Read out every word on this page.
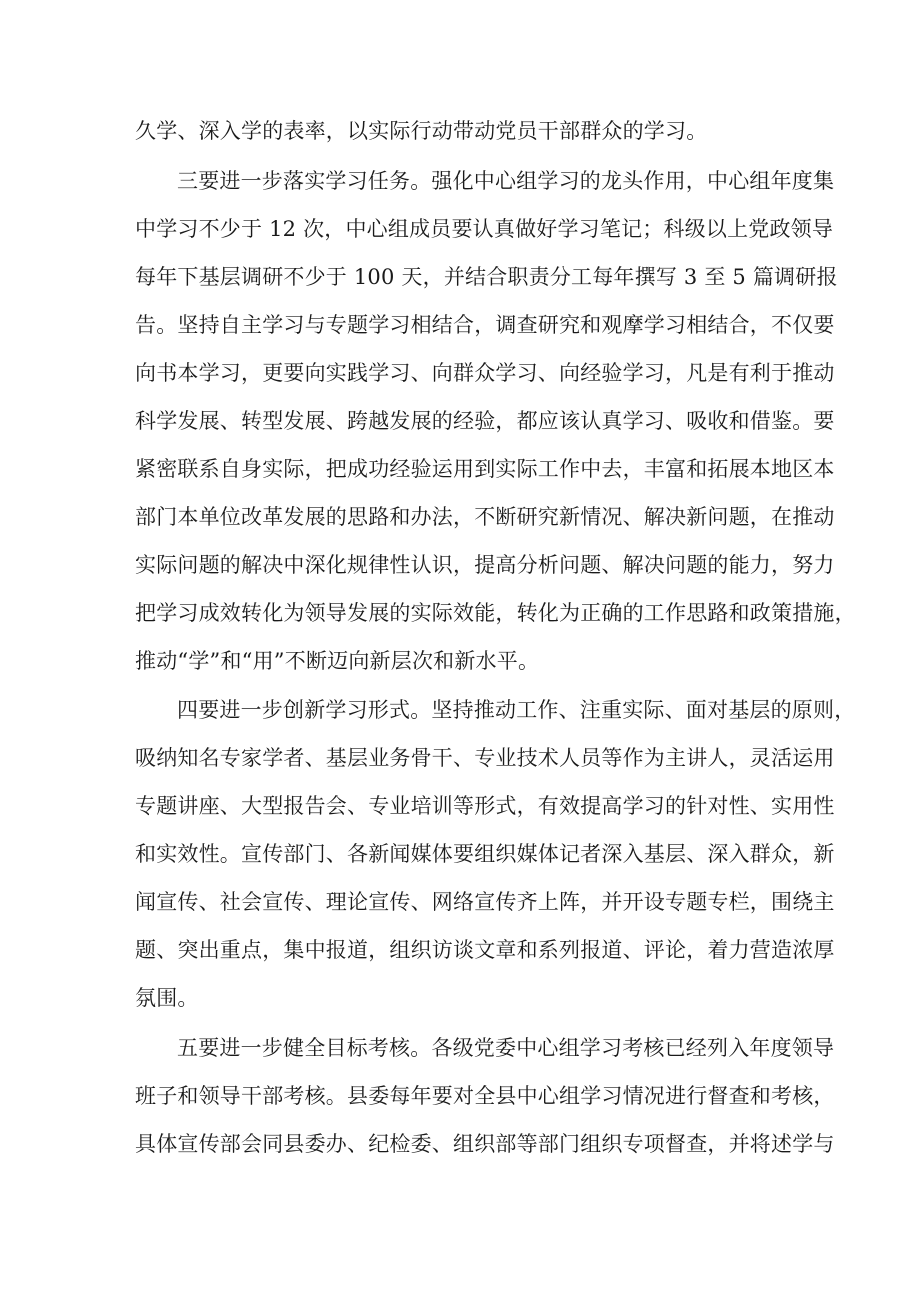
久学、深入学的表率，以实际行动带动党员干部群众的学习。
三要进一步落实学习任务。强化中心组学习的龙头作用，中心组年度集
中学习不少于 12 次，中心组成员要认真做好学习笔记；科级以上党政领导
每年下基层调研不少于 100 天，并结合职责分工每年撰写 3 至 5 篇调研报
告。坚持自主学习与专题学习相结合，调查研究和观摩学习相结合，不仅要
向书本学习，更要向实践学习、向群众学习、向经验学习，凡是有利于推动
科学发展、转型发展、跨越发展的经验，都应该认真学习、吸收和借鉴。要
紧密联系自身实际，把成功经验运用到实际工作中去，丰富和拓展本地区本
部门本单位改革发展的思路和办法，不断研究新情况、解决新问题，在推动
实际问题的解决中深化规律性认识，提高分析问题、解决问题的能力，努力
把学习成效转化为领导发展的实际效能，转化为正确的工作思路和政策措施，
推动“学”和“用”不断迈向新层次和新水平。
四要进一步创新学习形式。坚持推动工作、注重实际、面对基层的原则，
吸纳知名专家学者、基层业务骨干、专业技术人员等作为主讲人，灵活运用
专题讲座、大型报告会、专业培训等形式，有效提高学习的针对性、实用性
和实效性。宣传部门、各新闻媒体要组织媒体记者深入基层、深入群众，新
闻宣传、社会宣传、理论宣传、网络宣传齐上阵，并开设专题专栏，围绕主
题、突出重点，集中报道，组织访谈文章和系列报道、评论，着力营造浓厚
氛围。
五要进一步健全目标考核。各级党委中心组学习考核已经列入年度领导
班子和领导干部考核。县委每年要对全县中心组学习情况进行督查和考核，
具体宣传部会同县委办、纪检委、组织部等部门组织专项督查，并将述学与
